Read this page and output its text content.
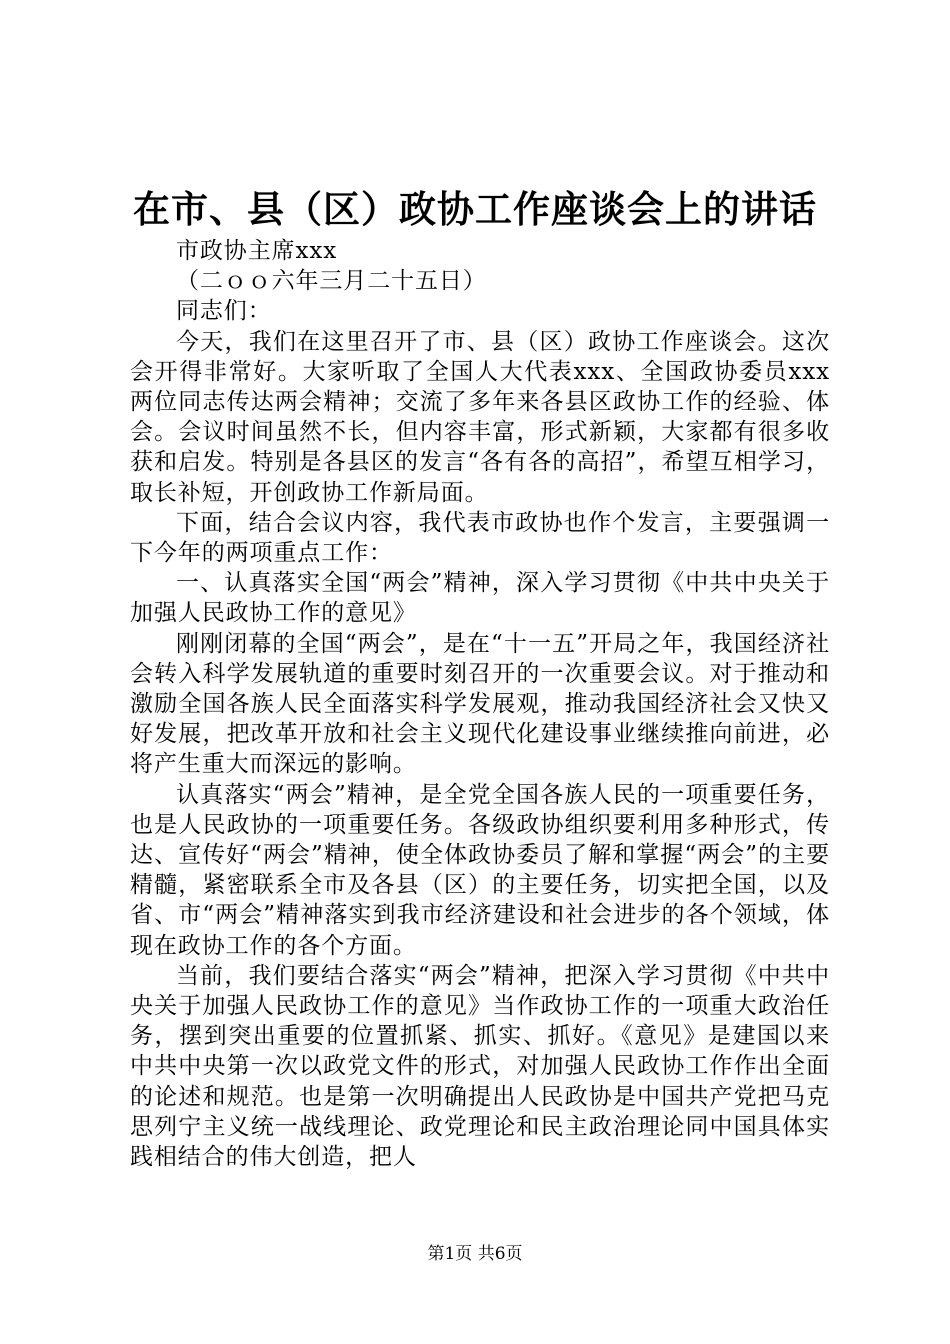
在市、县（区）政协工作座谈会上的讲话

市政协主席xxx

（二ｏｏ六年三月二十五日）

同志们：

今天，我们在这里召开了市、县（区）政协工作座谈会。这次会开得非常好。大家听取了全国人大代表xxx、全国政协委员xxx两位同志传达两会精神；交流了多年来各县区政协工作的经验、体会。会议时间虽然不长，但内容丰富，形式新颖，大家都有很多收获和启发。特别是各县区的发言“各有各的高招”，希望互相学习，取长补短，开创政协工作新局面。

下面，结合会议内容，我代表市政协也作个发言，主要强调一下今年的两项重点工作：

一、认真落实全国“两会”精神，深入学习贯彻《中共中央关于加强人民政协工作的意见》

刚刚闭幕的全国“两会”，是在“十一五”开局之年，我国经济社会转入科学发展轨道的重要时刻召开的一次重要会议。对于推动和激励全国各族人民全面落实科学发展观，推动我国经济社会又快又好发展，把改革开放和社会主义现代化建设事业继续推向前进，必将产生重大而深远的影响。

认真落实“两会”精神，是全党全国各族人民的一项重要任务，也是人民政协的一项重要任务。各级政协组织要利用多种形式，传达、宣传好“两会”精神，使全体政协委员了解和掌握“两会”的主要精髓，紧密联系全市及各县（区）的主要任务，切实把全国，以及省、市“两会”精神落实到我市经济建设和社会进步的各个领域，体现在政协工作的各个方面。

当前，我们要结合落实“两会”精神，把深入学习贯彻《中共中央关于加强人民政协工作的意见》当作政协工作的一项重大政治任务，摆到突出重要的位置抓紧、抓实、抓好。《意见》是建国以来中共中央第一次以政党文件的形式，对加强人民政协工作作出全面的论述和规范。也是第一次明确提出人民政协是中国共产党把马克思列宁主义统一战线理论、政党理论和民主政治理论同中国具体实践相结合的伟大创造，把人

第1页 共6页
